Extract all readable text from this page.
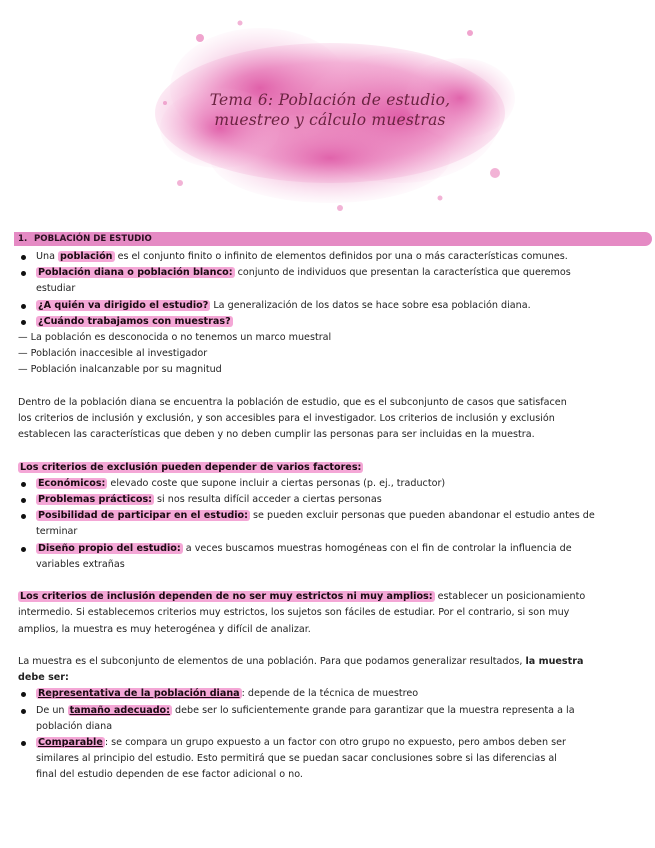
Tema 6: Población de estudio,
muestreo y cálculo muestras
1. POBLACIÓN DE ESTUDIO
Una población es el conjunto finito o infinito de elementos definidos por una o más características comunes.
Población diana o población blanco: conjunto de individuos que presentan la característica que queremos
estudiar
¿A quién va dirigido el estudio? La generalización de los datos se hace sobre esa población diana.
¿Cuándo trabajamos con muestras?
— La población es desconocida o no tenemos un marco muestral
— Población inaccesible al investigador
— Población inalcanzable por su magnitud
Dentro de la población diana se encuentra la población de estudio, que es el subconjunto de casos que satisfacen
los criterios de inclusión y exclusión, y son accesibles para el investigador. Los criterios de inclusión y exclusión
establecen las características que deben y no deben cumplir las personas para ser incluidas en la muestra.
Los criterios de exclusión pueden depender de varios factores:
Económicos: elevado coste que supone incluir a ciertas personas (p. ej., traductor)
Problemas prácticos: si nos resulta difícil acceder a ciertas personas
Posibilidad de participar en el estudio: se pueden excluir personas que pueden abandonar el estudio antes de
terminar
Diseño propio del estudio: a veces buscamos muestras homogéneas con el fin de controlar la influencia de
variables extrañas
Los criterios de inclusión dependen de no ser muy estrictos ni muy amplios: establecer un posicionamiento
intermedio. Si establecemos criterios muy estrictos, los sujetos son fáciles de estudiar. Por el contrario, si son muy
amplios, la muestra es muy heterogénea y difícil de analizar.
La muestra es el subconjunto de elementos de una población. Para que podamos generalizar resultados, la muestra
debe ser:
Representativa de la población diana : depende de la técnica de muestreo
De un tamaño adecuado: debe ser lo suficientemente grande para garantizar que la muestra representa a la
población diana
Comparable : se compara un grupo expuesto a un factor con otro grupo no expuesto, pero ambos deben ser
similares al principio del estudio. Esto permitirá que se puedan sacar conclusiones sobre si las diferencias al
final del estudio dependen de ese factor adicional o no.
